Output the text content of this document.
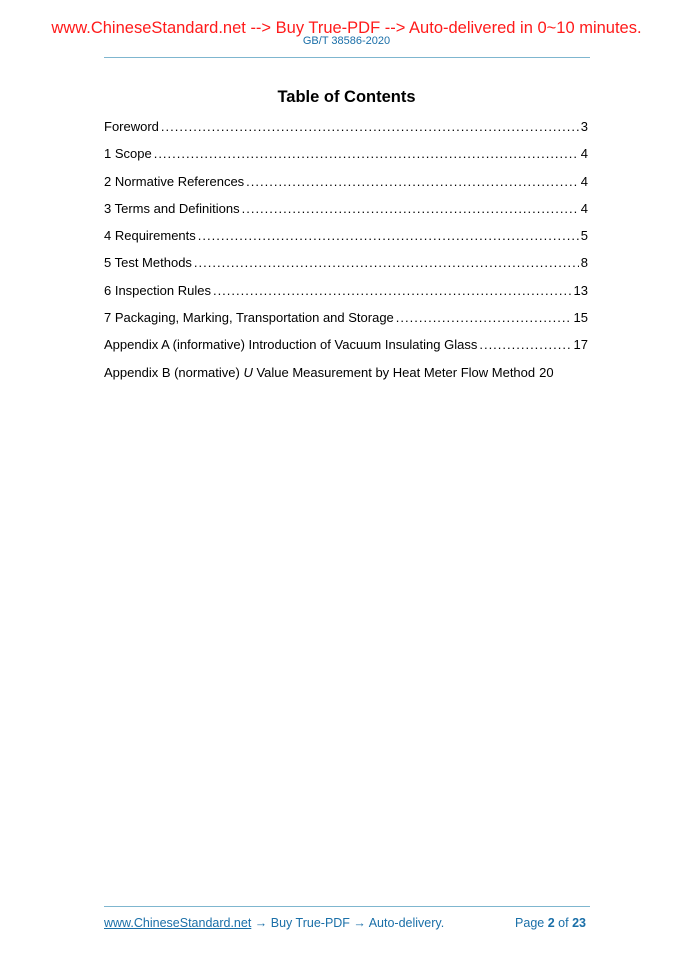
www.ChineseStandard.net --> Buy True-PDF --> Auto-delivered in 0~10 minutes.
GB/T 38586-2020
Table of Contents
Foreword .....	3
1 Scope .....	4
2 Normative References .....	4
3 Terms and Definitions .....	4
4 Requirements .....	5
5 Test Methods .....	8
6 Inspection Rules .....	13
7 Packaging, Marking, Transportation and Storage .....	15
Appendix A (informative) Introduction of Vacuum Insulating Glass .....	17
Appendix B (normative) U Value Measurement by Heat Meter Flow Method 20
www.ChineseStandard.net → Buy True-PDF → Auto-delivery.	Page 2 of 23
